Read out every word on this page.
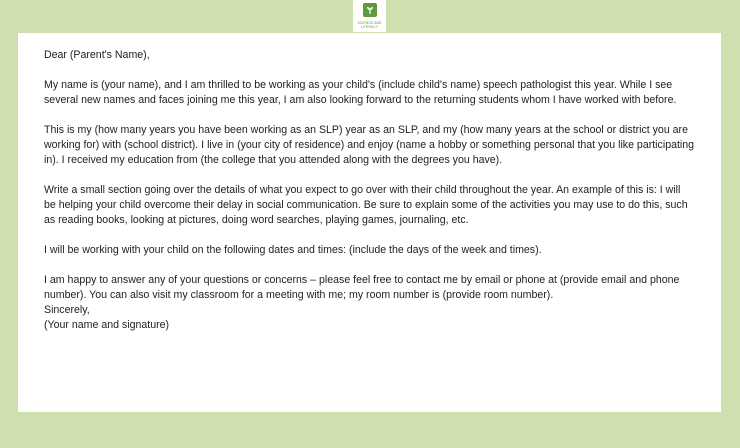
SCIENCE AND
LITERACY

Dear (Parent's Name),

My name is (your name), and I am thrilled to be working as your child's (include child's name) speech pathologist this year. While I see several new names and faces joining me this year, I am also looking forward to the returning students whom I have worked with before.

This is my (how many years you have been working as an SLP) year as an SLP, and my (how many years at the school or district you are working for) with (school district). I live in (your city of residence) and enjoy (name a hobby or something personal that you like participating in). I received my education from (the college that you attended along with the degrees you have).

Write a small section going over the details of what you expect to go over with their child throughout the year. An example of this is: I will be helping your child overcome their delay in social communication. Be sure to explain some of the activities you may use to do this, such as reading books, looking at pictures, doing word searches, playing games, journaling, etc.

I will be working with your child on the following dates and times: (include the days of the week and times).

I am happy to answer any of your questions or concerns – please feel free to contact me by email or phone at (provide email and phone number). You can also visit my classroom for a meeting with me; my room number is (provide room number).

Sincerely,

(Your name and signature)
